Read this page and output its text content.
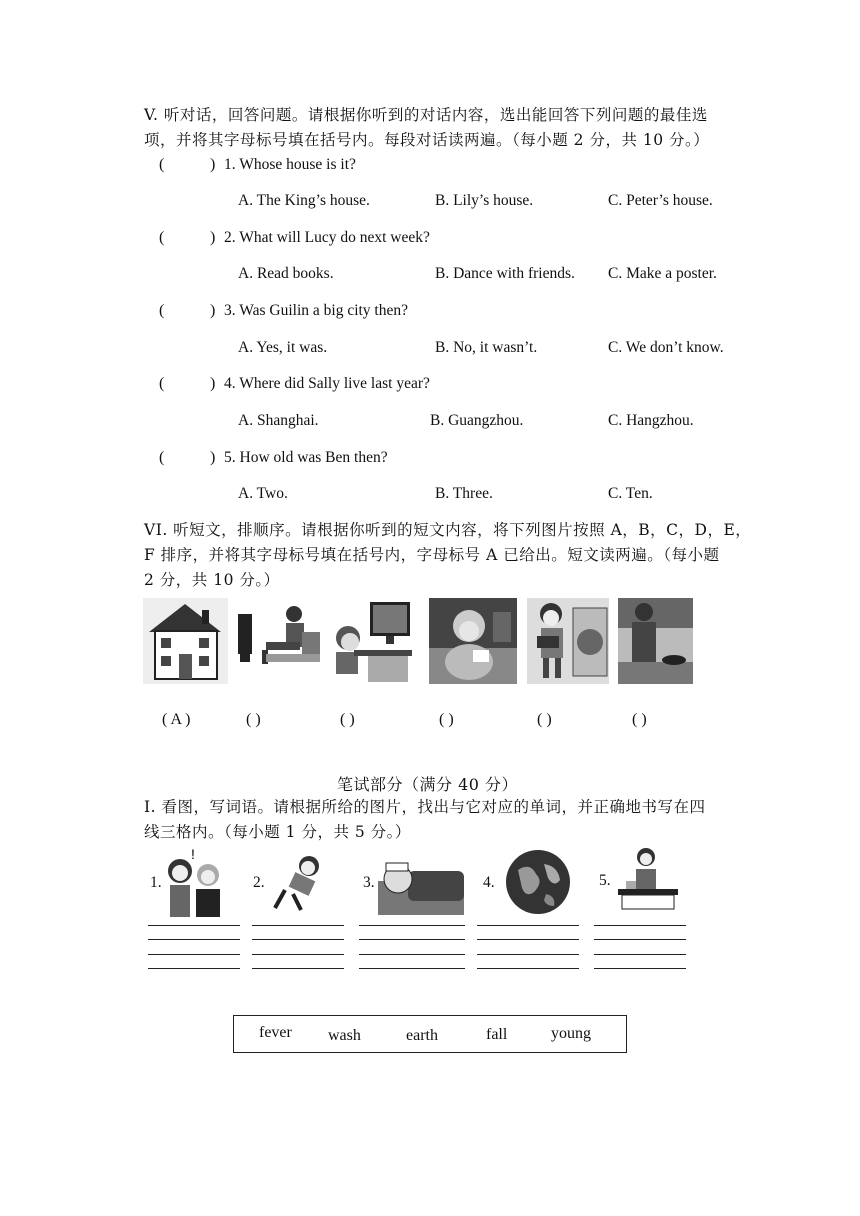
V. 听对话，回答问题。请根据你听到的对话内容，选出能回答下列问题的最佳选
项，并将其字母标号填在括号内。每段对话读两遍。（每小题 2 分，共 10 分。）
(	) 1. Whose house is it?
A. The King’s house.	B. Lily’s house.	C. Peter’s house.
(	) 2. What will Lucy do next week?
A. Read books.	B. Dance with friends. C. Make a poster.
(	) 3. Was Guilin a big city then?
A. Yes, it was.	B. No, it wasn’t.	C. We don’t know.
(	) 4. Where did Sally live last year?
A. Shanghai.	B. Guangzhou.	C. Hangzhou.
(	) 5. How old was Ben then?
A. Two.	B. Three.	C. Ten.
VI. 听短文，排顺序。请根据你听到的短文内容，将下列图片按照 A，B，C，D，E，
F 排序，并将其字母标号填在括号内，字母标号 A 已给出。短文读两遍。（每小题
2 分，共 10 分。）
( A )	( )	( )	( )	( )	( )
笔试部分（满分 40 分）
I. 看图，写词语。请根据所给的图片，找出与它对应的单词，并正确地书写在四
线三格内。（每小题 1 分，共 5 分。）
1.	2.	3.	4.	5.
!
fever wash	earth	fall	young
